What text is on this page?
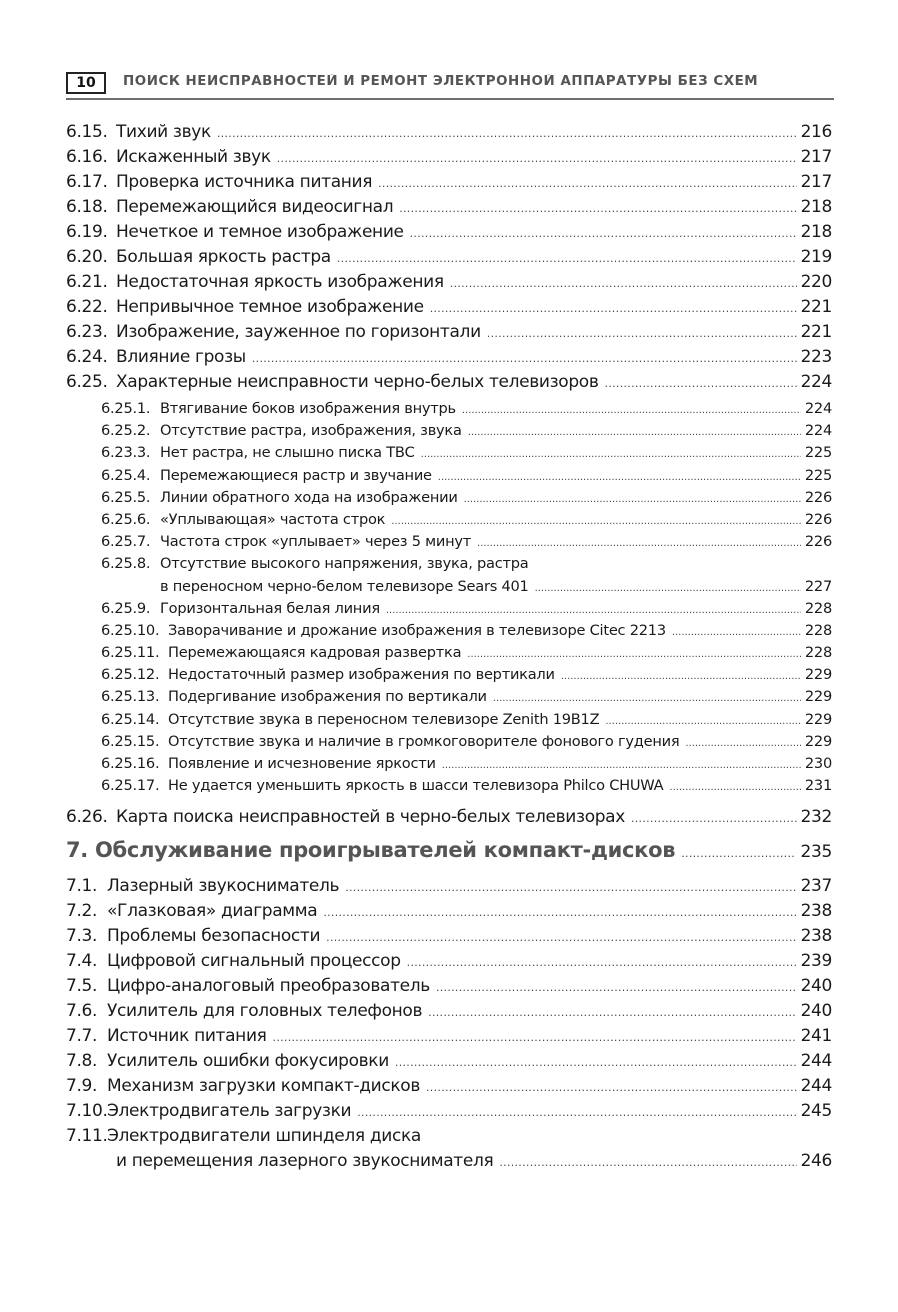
10	ПОИСК НЕИСПРАВНОСТЕЙ И РЕМОНТ ЭЛЕКТРОННОЙ АППАРАТУРЫ БЕЗ СХЕМ
6.15. Тихий звук . . .	216
6.16. Искаженный звук . . .	217
6.17. Проверка источника питания . . .	217
6.18. Перемежающийся видеосигнал . . .	218
6.19. Нечеткое и темное изображение . . .	218
6.20. Большая яркость растра . . .	219
6.21. Недостаточная яркость изображения . . .	220
6.22. Непривычное темное изображение . . .	221
6.23. Изображение, зауженное по горизонтали . . .	221
6.24. Влияние грозы . . .	223
6.25. Характерные неисправности черно-белых телевизоров . . .	224
6.25.1. Втягивание боков изображения внутрь . . .	224
6.25.2. Отсутствие растра, изображения, звука . . .	224
6.23.3. Нет растра, не слышно писка ТВС . . .	225
6.25.4. Перемежающиеся растр и звучание . . .	225
6.25.5. Линии обратного хода на изображении . . .	226
6.25.6. «Уплывающая» частота строк . . .	226
6.25.7. Частота строк «уплывает» через 5 минут . . .	226
6.25.8. Отсутствие высокого напряжения, звука, растра
в переносном черно-белом телевизоре Sears 401 . . .	227
6.25.9. Горизонтальная белая линия . . .	228
6.25.10. Заворачивание и дрожание изображения в телевизоре Citec 2213 . . .	228
6.25.11. Перемежающаяся кадровая развертка . . .	228
6.25.12. Недостаточный размер изображения по вертикали . . .	229
6.25.13. Подергивание изображения по вертикали . . .	229
6.25.14. Отсутствие звука в переносном телевизоре Zenith 19B1Z . . .	229
6.25.15. Отсутствие звука и наличие в громкоговорителе фонового гудения . . .	229
6.25.16. Появление и исчезновение яркости . . .	230
6.25.17. Не удается уменьшить яркость в шасси телевизора Philco CHUWA . . .	231
6.26. Карта поиска неисправностей в черно-белых телевизорах . . .	232
7. Обслуживание проигрывателей компакт-дисков . . .	235
7.1. Лазерный звукосниматель . . .	237
7.2. «Глазковая» диаграмма . . .	238
7.3. Проблемы безопасности . . .	238
7.4. Цифровой сигнальный процессор . . .	239
7.5. Цифро-аналоговый преобразователь . . .	240
7.6. Усилитель для головных телефонов . . .	240
7.7. Источник питания . . .	241
7.8. Усилитель ошибки фокусировки . . .	244
7.9. Механизм загрузки компакт-дисков . . .	244
7.10. Электродвигатель загрузки . . .	245
7.11. Электродвигатели шпинделя диска
и перемещения лазерного звукоснимателя . . .	246
